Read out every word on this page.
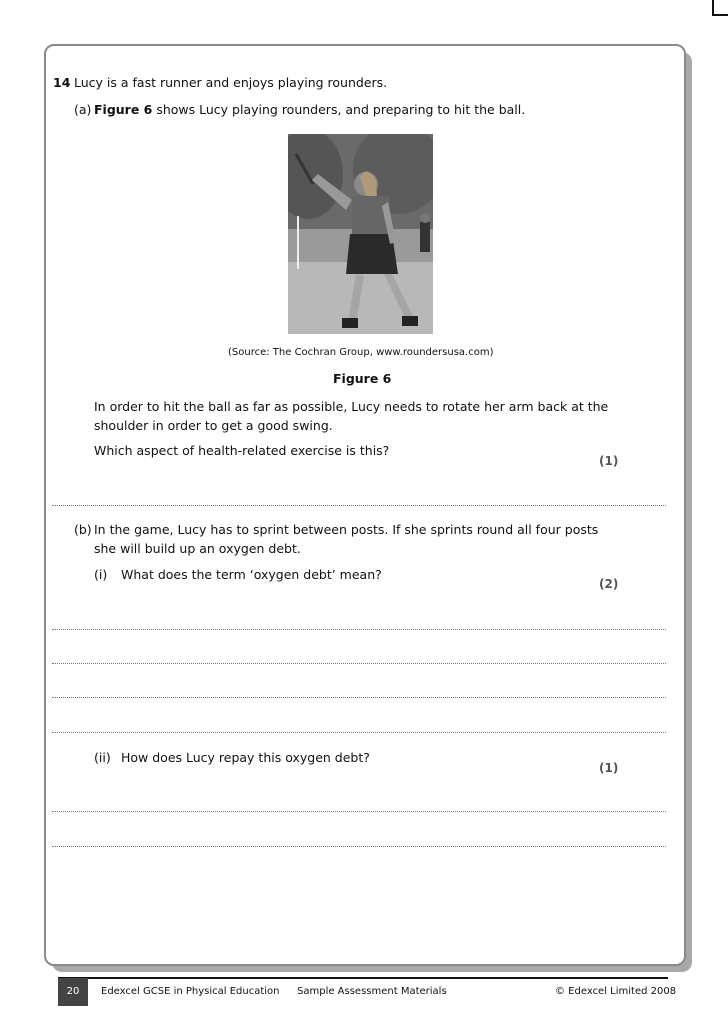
14 Lucy is a fast runner and enjoys playing rounders.
(a) Figure 6 shows Lucy playing rounders, and preparing to hit the ball.
(Source: The Cochran Group, www.roundersusa.com)
Figure 6
In order to hit the ball as far as possible, Lucy needs to rotate her arm back at the
shoulder in order to get a good swing.
Which aspect of health-related exercise is this?
(1)
(b) In the game, Lucy has to sprint between posts. If she sprints round all four posts
she will build up an oxygen debt.
(i) What does the term ‘oxygen debt’ mean?
(2)
(ii) How does Lucy repay this oxygen debt?
(1)
20	Edexcel GCSE in Physical Education Sample Assessment Materials	© Edexcel Limited 2008
